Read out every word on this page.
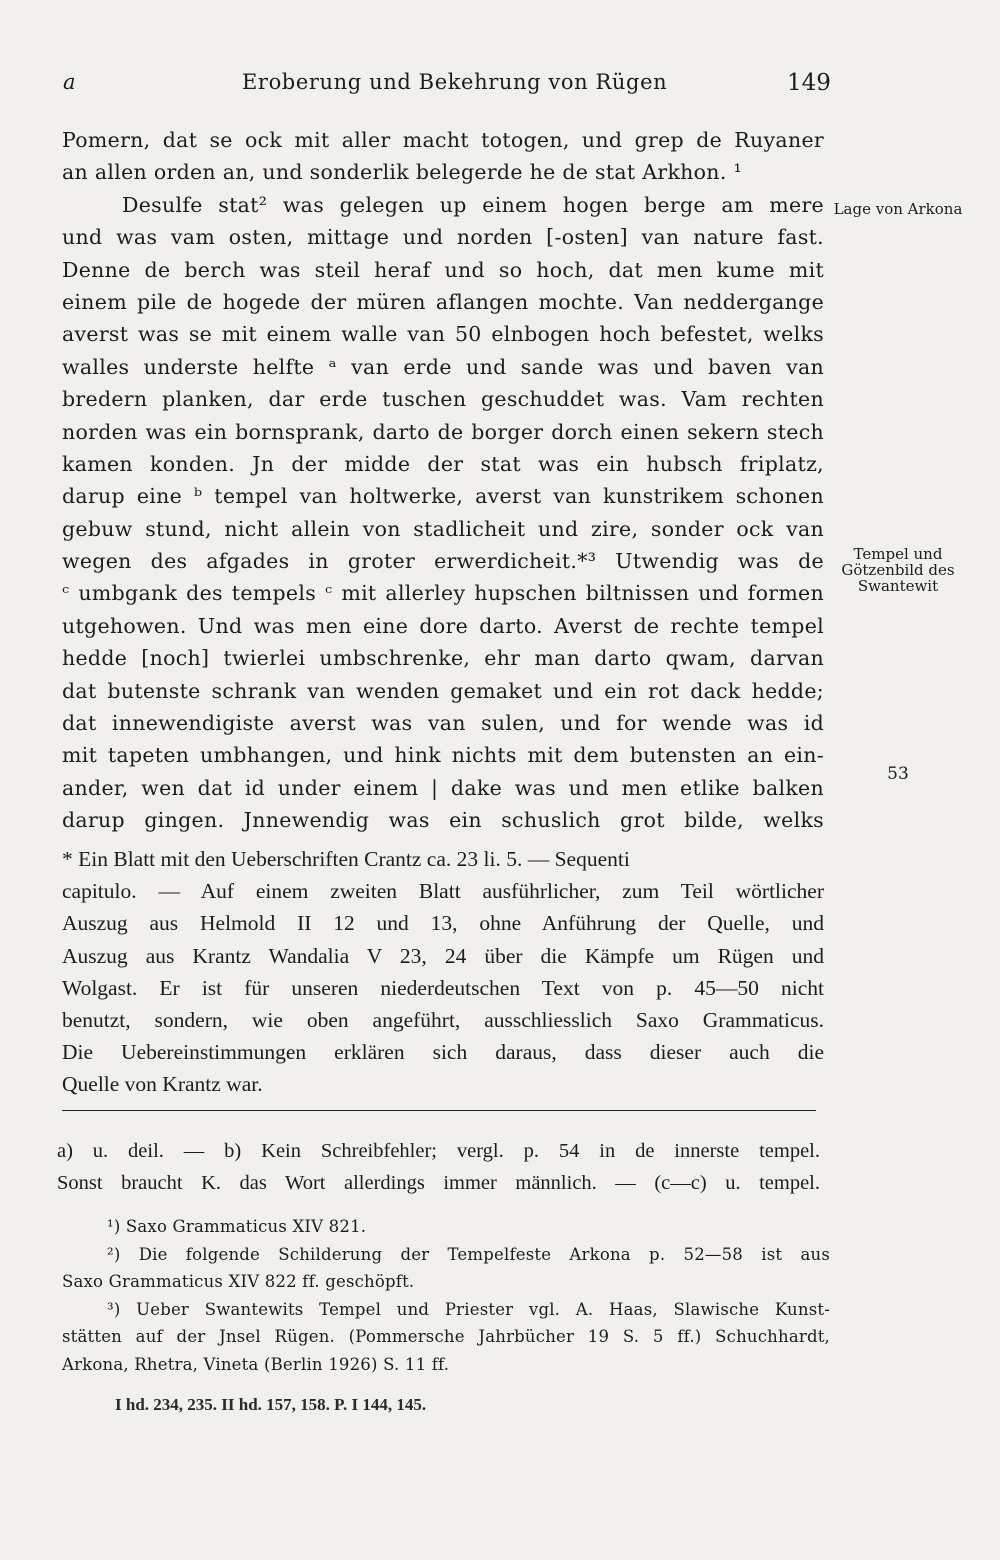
a	Eroberung und Bekehrung von Rügen	149
Pomern, dat se ock mit aller macht totogen, und grep de Ruyaner
an allen orden an, und sonderlik belegerde he de stat Arkhon. ¹
Desulfe stat² was gelegen up einem hogen berge am mere
und was vam osten, mittage und norden [-osten] van nature fast.
Denne de berch was steil heraf und so hoch, dat men kume mit
einem pile de hogede der müren aflangen mochte. Van neddergange
averst was se mit einem walle van 50 elnbogen hoch befestet, welks
walles underste helfte ᵃ van erde und sande was und baven van
bredern planken, dar erde tuschen geschuddet was. Vam rechten
norden was ein bornsprank, darto de borger dorch einen sekern stech
kamen konden. Jn der midde der stat was ein hubsch friplatz,
darup eine ᵇ tempel van holtwerke, averst van kunstrikem schonen
gebuw stund, nicht allein von stadlicheit und zire, sonder ock van
wegen des afgades in groter erwerdicheit.*³ Utwendig was de
ᶜ umbgank des tempels ᶜ mit allerley hupschen biltnissen und formen
utgehowen. Und was men eine dore darto. Averst de rechte tempel
hedde [noch] twierlei umbschrenke, ehr man darto qwam, darvan
dat butenste schrank van wenden gemaket und ein rot dack hedde;
dat innewendigiste averst was van sulen, und for wende was id
mit tapeten umbhangen, und hink nichts mit dem butensten an ein-
ander, wen dat id under einem | dake was und men etlike balken
darup gingen. Jnnewendig was ein schuslich grot bilde, welks
Lage von Arkona
Tempel und Götzenbild des Swantewit
53
* Ein Blatt mit den Ueberschriften Crantz ca. 23 li. 5. — Sequenti
capitulo. — Auf einem zweiten Blatt ausführlicher, zum Teil wörtlicher
Auszug aus Helmold II 12 und 13, ohne Anführung der Quelle, und
Auszug aus Krantz Wandalia V 23, 24 über die Kämpfe um Rügen und
Wolgast. Er ist für unseren niederdeutschen Text von p. 45—50 nicht
benutzt, sondern, wie oben angeführt, ausschliesslich Saxo Grammaticus.
Die Uebereinstimmungen erklären sich daraus, dass dieser auch die
Quelle von Krantz war.
a) u. deil. — b) Kein Schreibfehler; vergl. p. 54 in de innerste tempel.
Sonst braucht K. das Wort allerdings immer männlich. — (c—c) u. tempel.
¹) Saxo Grammaticus XIV 821.
²) Die folgende Schilderung der Tempelfeste Arkona p. 52—58 ist aus
Saxo Grammaticus XIV 822 ff. geschöpft.
³) Ueber Swantewits Tempel und Priester vgl. A. Haas, Slawische Kunst-
stätten auf der Jnsel Rügen. (Pommersche Jahrbücher 19 S. 5 ff.) Schuchhardt,
Arkona, Rhetra, Vineta (Berlin 1926) S. 11 ff.
I hd. 234, 235. II hd. 157, 158. P. I 144, 145.
